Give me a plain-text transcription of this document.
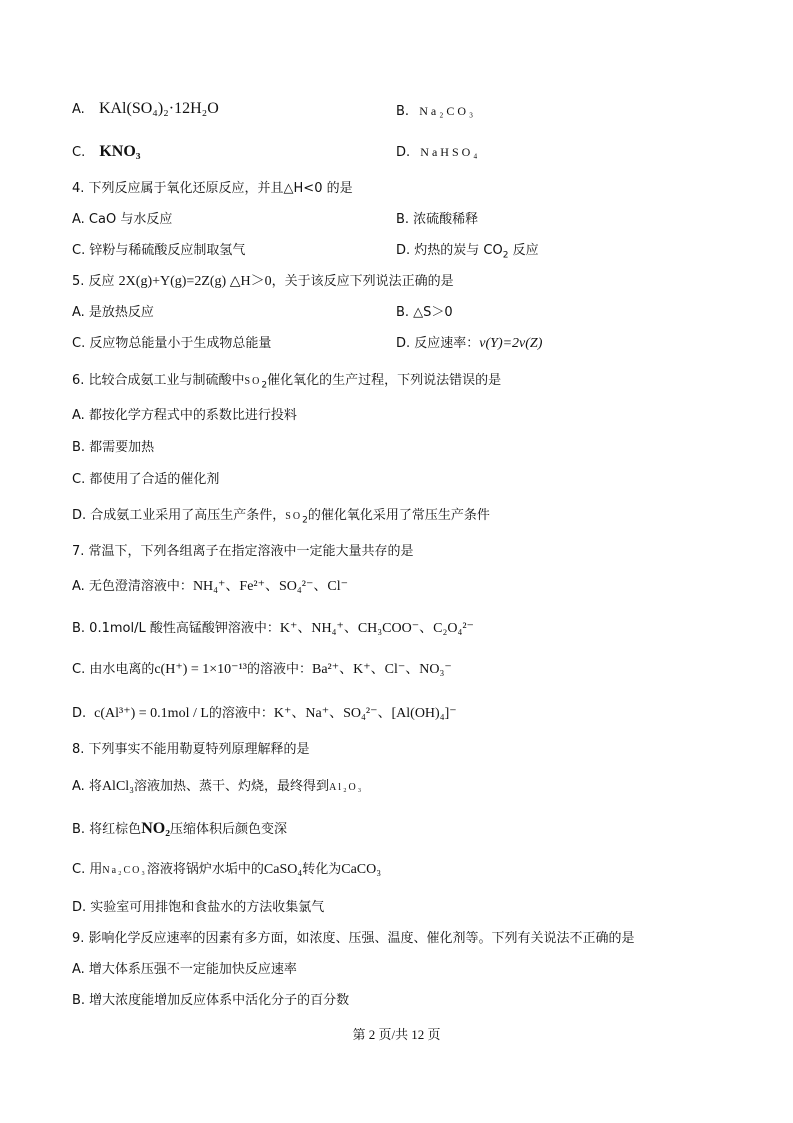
A. KAl(SO₄)₂·12H₂O	B. Na₂CO₃
C. KNO₃	D. NaHSO₄
4. 下列反应属于氧化还原反应，并且△H<0 的是
A. CaO 与水反应	B. 浓硫酸稀释
C. 锌粉与稀硫酸反应制取氢气	D. 灼热的炭与 $CO_2$ 反应
5. 反应 2X(g)+Y(g)=2Z(g) △H＞0，关于该反应下列说法正确的是
A. 是放热反应	B. △S＞0
C. 反应物总能量小于生成物总能量	D. 反应速率：v(Y)=2v(Z)
6. 比较合成氨工业与制硫酸中$SO_2$催化氧化的生产过程，下列说法错误的是
A. 都按化学方程式中的系数比进行投料
B. 都需要加热
C. 都使用了合适的催化剂
D. 合成氨工业采用了高压生产条件，$SO_2$的催化氧化采用了常压生产条件
7. 常温下，下列各组离子在指定溶液中一定能大量共存的是
A. 无色澄清溶液中：NH₄⁺、Fe²⁺、SO₄²⁻、Cl⁻
B. 0.1mol/L 酸性高锰酸钾溶液中：K⁺、NH₄⁺、CH₃COO⁻、C₂O₄²⁻
C. 由水电离的c(H⁺) = 1×10⁻¹³的溶液中：Ba²⁺、K⁺、Cl⁻、NO₃⁻
D. c(Al³⁺) = 0.1mol / L的溶液中：K⁺、Na⁺、SO₄²⁻、[Al(OH)₄]⁻
8. 下列事实不能用勒夏特列原理解释的是
A. 将AlCl₃溶液加热、蒸干、灼烧，最终得到Al₂O₃
B. 将红棕色NO₂压缩体积后颜色变深
C. 用Na₂CO₃溶液将锅炉水垢中的CaSO₄转化为CaCO₃
D. 实验室可用排饱和食盐水的方法收集氯气
9. 影响化学反应速率的因素有多方面，如浓度、压强、温度、催化剂等。下列有关说法不正确的是
A. 增大体系压强不一定能加快反应速率
B. 增大浓度能增加反应体系中活化分子的百分数
第 2 页/共 12 页
